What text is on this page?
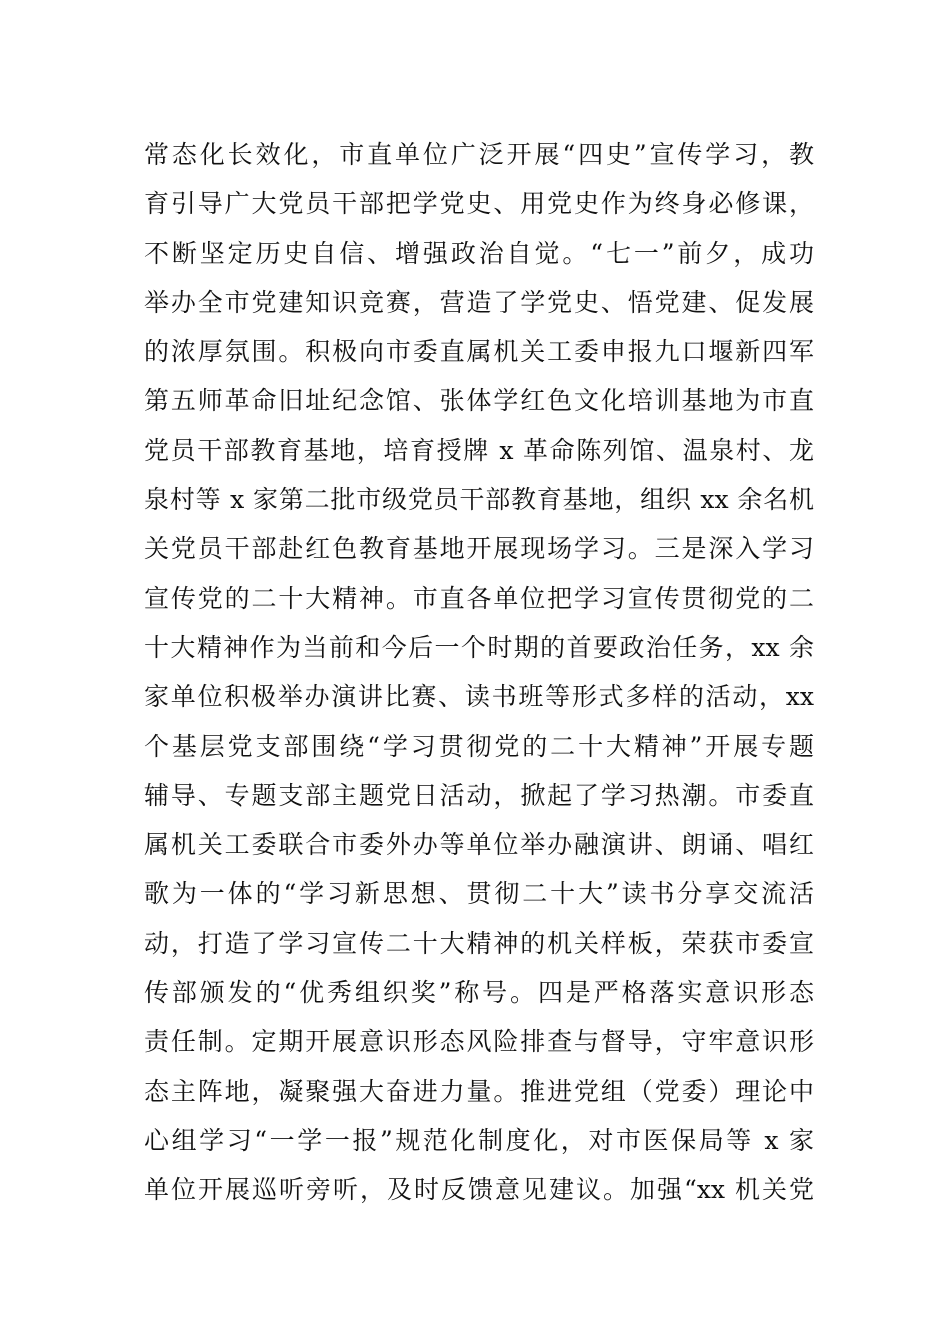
常态化长效化，市直单位广泛开展“四史”宣传学习，教
育引导广大党员干部把学党史、用党史作为终身必修课，
不断坚定历史自信、增强政治自觉。“七一”前夕，成功
举办全市党建知识竞赛，营造了学党史、悟党建、促发展
的浓厚氛围。积极向市委直属机关工委申报九口堰新四军
第五师革命旧址纪念馆、张体学红色文化培训基地为市直
党员干部教育基地，培育授牌 x 革命陈列馆、温泉村、龙
泉村等 x 家第二批市级党员干部教育基地，组织 xx 余名机
关党员干部赴红色教育基地开展现场学习。三是深入学习
宣传党的二十大精神。市直各单位把学习宣传贯彻党的二
十大精神作为当前和今后一个时期的首要政治任务，xx 余
家单位积极举办演讲比赛、读书班等形式多样的活动，xx
个基层党支部围绕“学习贯彻党的二十大精神”开展专题
辅导、专题支部主题党日活动，掀起了学习热潮。市委直
属机关工委联合市委外办等单位举办融演讲、朗诵、唱红
歌为一体的“学习新思想、贯彻二十大”读书分享交流活
动，打造了学习宣传二十大精神的机关样板，荣获市委宣
传部颁发的“优秀组织奖”称号。四是严格落实意识形态
责任制。定期开展意识形态风险排查与督导，守牢意识形
态主阵地，凝聚强大奋进力量。推进党组（党委）理论中
心组学习“一学一报”规范化制度化，对市医保局等 x 家
单位开展巡听旁听，及时反馈意见建议。加强“xx 机关党
